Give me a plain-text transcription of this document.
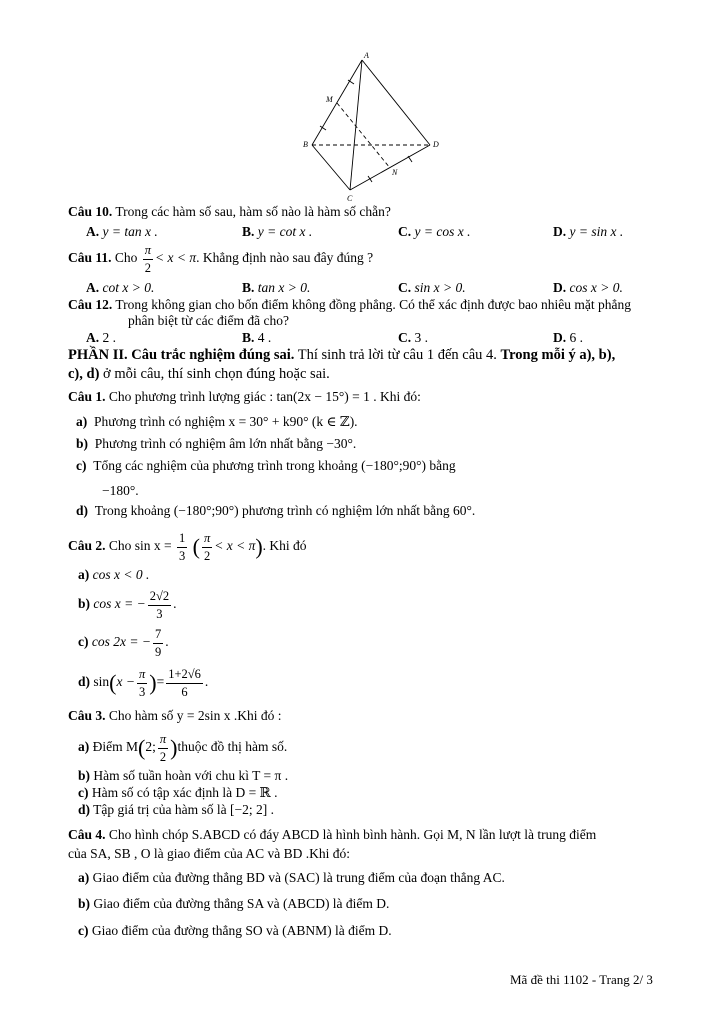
A
M
B	D
N
C
Câu 10. Trong các hàm số sau, hàm số nào là hàm số chẵn?
A. y = tan x .	B. y = cot x .	C. y = cos x .	D. y = sin x .
Câu 11. Cho $\frac{\pi}{2} < x < \pi$. Khẳng định nào sau đây đúng ?
A. cot x > 0.	B. tan x > 0.	C. sin x > 0.	D. cos x > 0.
Câu 12. Trong không gian cho bốn điểm không đồng phẳng. Có thể xác định được bao nhiêu mặt phẳng
phân biệt từ các điểm đã cho?
A. 2 .	B. 4 .	C. 3 .	D. 6 .
PHẦN II. Câu trắc nghiệm đúng sai. Thí sinh trả lời từ câu 1 đến câu 4. Trong mỗi ý a), b),
c), d) ở mỗi câu, thí sinh chọn đúng hoặc sai.
Câu 1. Cho phương trình lượng giác : tan(2x − 15°) = 1 . Khi đó:
a) Phương trình có nghiệm x = 30° + k90° (k ∈ ℤ).
b) Phương trình có nghiệm âm lớn nhất bằng −30°.
c) Tổng các nghiệm của phương trình trong khoảng (−180°;90°) bằng
−180°.
d) Trong khoảng (−180°;90°) phương trình có nghiệm lớn nhất bằng 60°.
Câu 2. Cho $\sin x = \frac{1}{3}$ ( $\frac{\pi}{2} < x < \pi$). Khi đó
a) cos x < 0 .
b) cos x = − $\frac{2√2}{3}$ .
c) cos 2x = − $\frac{7}{9}$ .
d) $\sin(x - \frac{\pi}{3}$ )= $\frac{1+2√6}{6}$ .
Câu 3. Cho hàm số y = 2sin x .Khi đó :
a) Điểm M(2; $\frac{\pi}{2}$ )thuộc đồ thị hàm số.
b) Hàm số tuần hoàn với chu kì T = π .
c) Hàm số có tập xác định là D = ℝ .
d) Tập giá trị của hàm số là [−2; 2] .
Câu 4. Cho hình chóp S.ABCD có đáy ABCD là hình bình hành. Gọi M, N lần lượt là trung điểm
của SA, SB , O là giao điểm của AC và BD .Khi đó:
a) Giao điểm của đường thẳng BD và (SAC) là trung điểm của đoạn thẳng AC.
b) Giao điểm của đường thẳng SA và (ABCD) là điểm D.
c) Giao điểm của đường thẳng SO và (ABNM) là điểm D.
Mã đề thi 1102 - Trang 2/ 3
